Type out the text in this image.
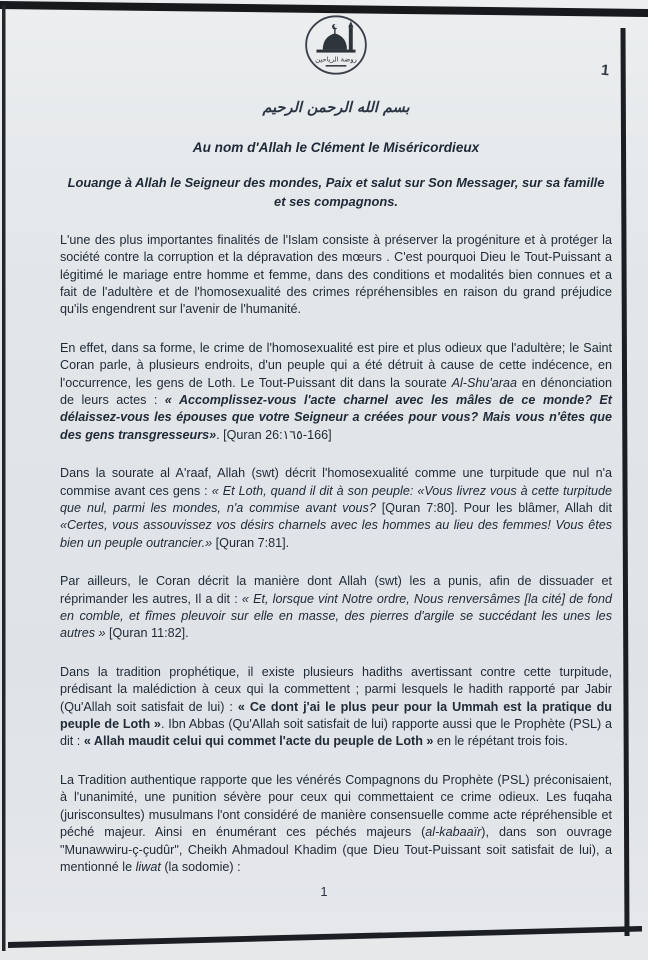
1
روضة الرياحين
بسم الله الرحمن الرحيم
Au nom d'Allah le Clément le Miséricordieux
Louange à Allah le Seigneur des mondes, Paix et salut sur Son Messager, sur sa famille et ses compagnons.

L'une des plus importantes finalités de l'Islam consiste à préserver la progéniture et à protéger la société contre la corruption et la dépravation des mœurs . C'est pourquoi Dieu le Tout-Puissant a légitimé le mariage entre homme et femme, dans des conditions et modalités bien connues et a fait de l'adultère et de l'homosexualité des crimes répréhensibles en raison du grand préjudice qu'ils engendrent sur l'avenir de l'humanité.

En effet, dans sa forme, le crime de l'homosexualité est pire et plus odieux que l'adultère; le Saint Coran parle, à plusieurs endroits, d'un peuple qui a été détruit à cause de cette indécence, en l'occurrence, les gens de Loth. Le Tout-Puissant dit dans la sourate Al-Shu'araa en dénonciation de leurs actes : « Accomplissez-vous l'acte charnel avec les mâles de ce monde? Et délaissez-vous les épouses que votre Seigneur a créées pour vous? Mais vous n'êtes que des gens transgresseurs». [Quran 26:١٦٥-166]

Dans la sourate al A'raaf, Allah (swt) décrit l'homosexualité comme une turpitude que nul n'a commise avant ces gens : « Et Loth, quand il dit à son peuple: «Vous livrez vous à cette turpitude que nul, parmi les mondes, n'a commise avant vous? [Quran 7:80]. Pour les blâmer, Allah dit «Certes, vous assouvissez vos désirs charnels avec les hommes au lieu des femmes! Vous êtes bien un peuple outrancier.» [Quran 7:81].

Par ailleurs, le Coran décrit la manière dont Allah (swt) les a punis, afin de dissuader et réprimander les autres, Il a dit : « Et, lorsque vint Notre ordre, Nous renversâmes [la cité] de fond en comble, et fîmes pleuvoir sur elle en masse, des pierres d'argile se succédant les unes les autres » [Quran 11:82].

Dans la tradition prophétique, il existe plusieurs hadiths avertissant contre cette turpitude, prédisant la malédiction à ceux qui la commettent ; parmi lesquels le hadith rapporté par Jabir (Qu'Allah soit satisfait de lui) : « Ce dont j'ai le plus peur pour la Ummah est la pratique du peuple de Loth ». Ibn Abbas (Qu'Allah soit satisfait de lui) rapporte aussi que le Prophète (PSL) a dit : « Allah maudit celui qui commet l'acte du peuple de Loth » en le répétant trois fois.

La Tradition authentique rapporte que les vénérés Compagnons du Prophète (PSL) préconisaient, à l'unanimité, une punition sévère pour ceux qui commettaient ce crime odieux. Les fuqaha (jurisconsultes) musulmans l'ont considéré de manière consensuelle comme acte répréhensible et péché majeur. Ainsi en énumérant ces péchés majeurs (al-kabaaïr), dans son ouvrage "Munawwiru-ç-çudûr", Cheikh Ahmadoul Khadim (que Dieu Tout-Puissant soit satisfait de lui), a mentionné le liwat (la sodomie) :

1
